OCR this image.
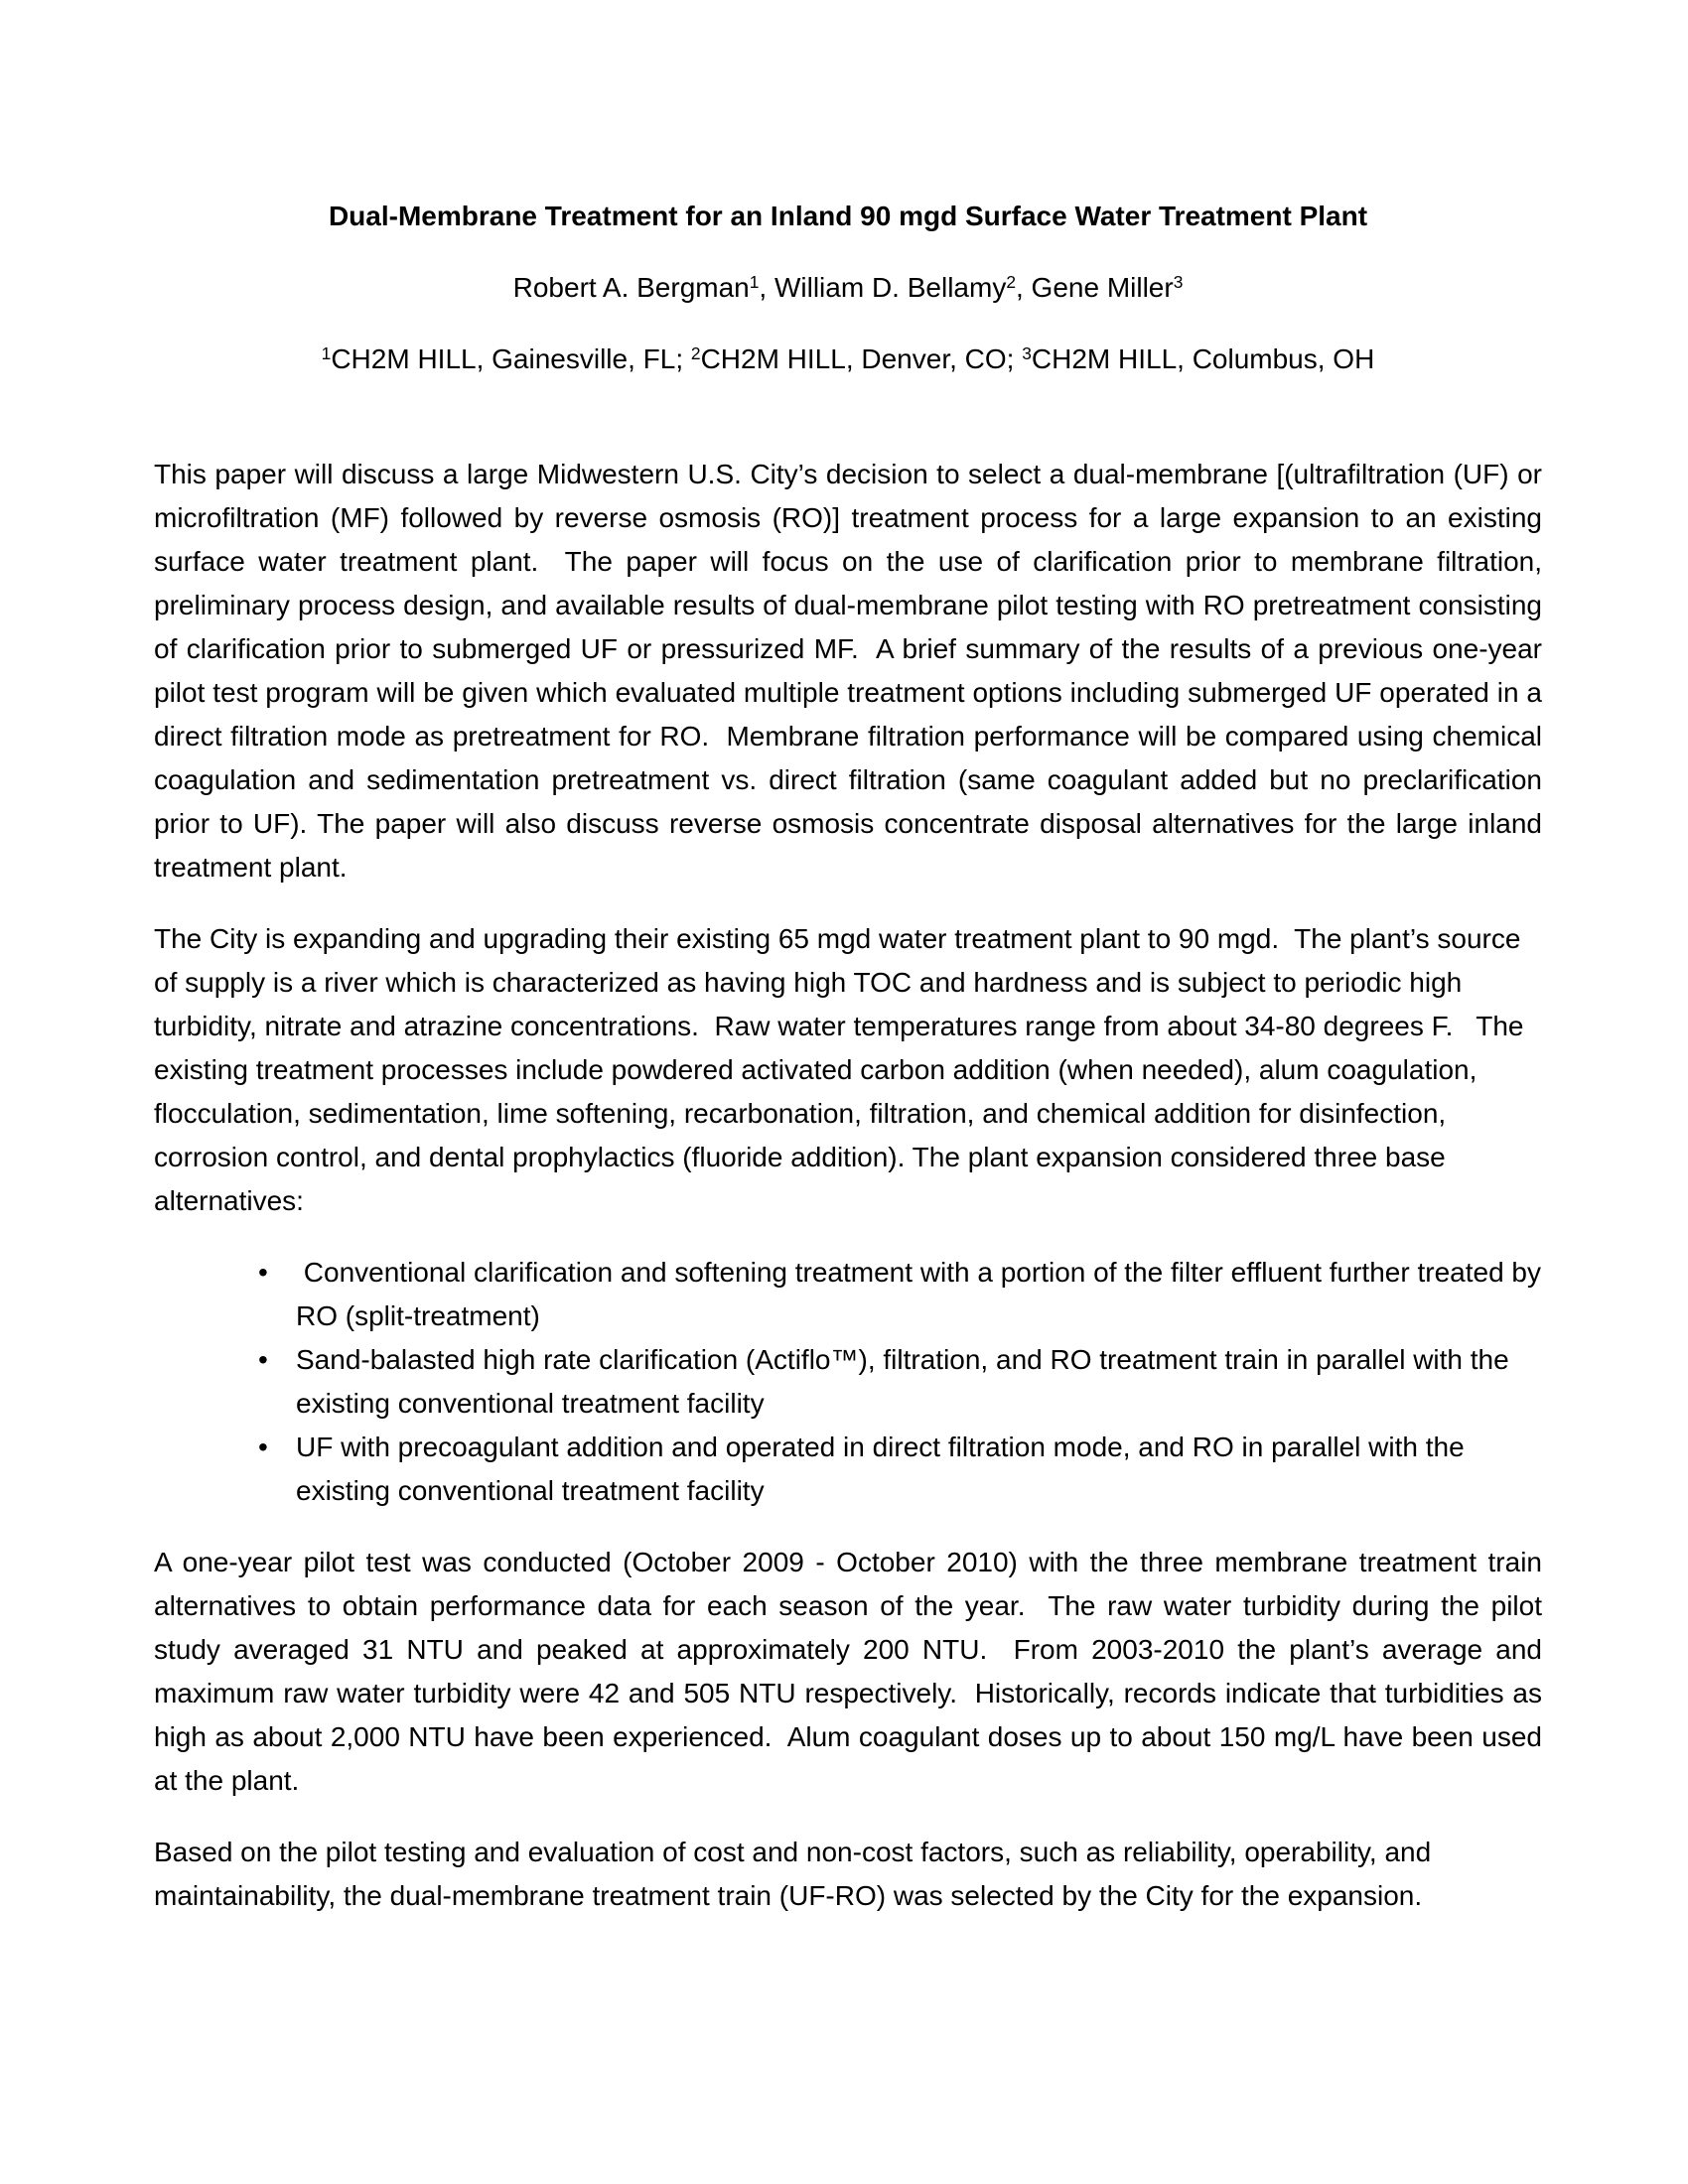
Dual-Membrane Treatment for an Inland 90 mgd Surface Water Treatment Plant

Robert A. Bergman$^1$, William D. Bellamy$^2$, Gene Miller$^3$

$^1$CH2M HILL, Gainesville, FL; $^2$CH2M HILL, Denver, CO; $^3$CH2M HILL, Columbus, OH

This paper will discuss a large Midwestern U.S. City’s decision to select a dual-membrane [(ultrafiltration (UF) or microfiltration (MF) followed by reverse osmosis (RO)] treatment process for a large expansion to an existing surface water treatment plant.  The paper will focus on the use of clarification prior to membrane filtration, preliminary process design, and available results of dual-membrane pilot testing with RO pretreatment consisting of clarification prior to submerged UF or pressurized MF.  A brief summary of the results of a previous one-year pilot test program will be given which evaluated multiple treatment options including submerged UF operated in a direct filtration mode as pretreatment for RO.  Membrane filtration performance will be compared using chemical coagulation and sedimentation pretreatment vs. direct filtration (same coagulant added but no preclarification prior to UF). The paper will also discuss reverse osmosis concentrate disposal alternatives for the large inland treatment plant.

The City is expanding and upgrading their existing 65 mgd water treatment plant to 90 mgd.  The plant’s source of supply is a river which is characterized as having high TOC and hardness and is subject to periodic high turbidity, nitrate and atrazine concentrations.  Raw water temperatures range from about 34-80 degrees F.   The existing treatment processes include powdered activated carbon addition (when needed), alum coagulation, flocculation, sedimentation, lime softening, recarbonation, filtration, and chemical addition for disinfection, corrosion control, and dental prophylactics (fluoride addition). The plant expansion considered three base alternatives:

• Conventional clarification and softening treatment with a portion of the filter effluent further treated by RO (split-treatment)
• Sand-balasted high rate clarification (Actiflo™), filtration, and RO treatment train in parallel with the existing conventional treatment facility
• UF with precoagulant addition and operated in direct filtration mode, and RO in parallel with the existing conventional treatment facility

A one-year pilot test was conducted (October 2009 - October 2010) with the three membrane treatment train alternatives to obtain performance data for each season of the year.  The raw water turbidity during the pilot study averaged 31 NTU and peaked at approximately 200 NTU.  From 2003-2010 the plant’s average and maximum raw water turbidity were 42 and 505 NTU respectively.  Historically, records indicate that turbidities as high as about 2,000 NTU have been experienced.  Alum coagulant doses up to about 150 mg/L have been used at the plant.

Based on the pilot testing and evaluation of cost and non-cost factors, such as reliability, operability, and maintainability, the dual-membrane treatment train (UF-RO) was selected by the City for the expansion.
